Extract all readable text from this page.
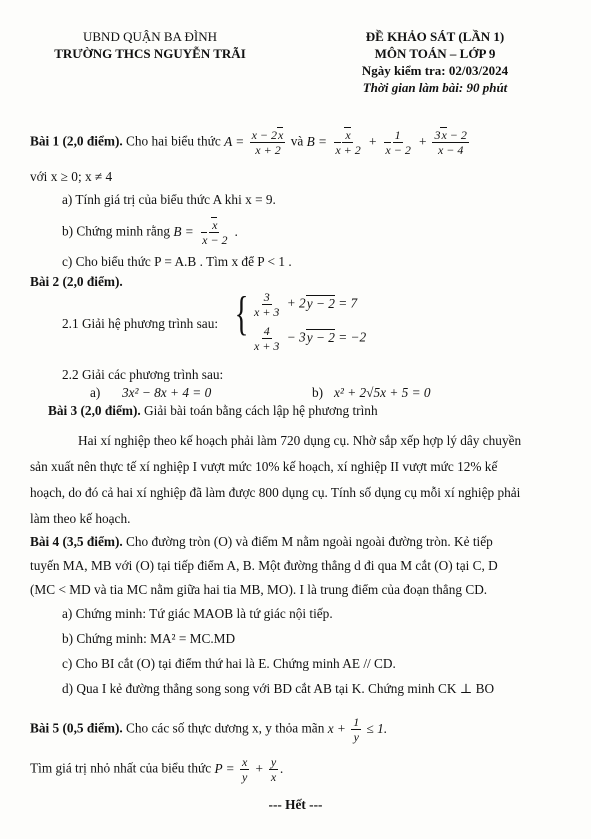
UBND QUẬN BA ĐÌNH
TRƯỜNG THCS NGUYỄN TRÃI
ĐỀ KHẢO SÁT (LẦN 1)
MÔN TOÁN – LỚP 9
Ngày kiểm tra: 02/03/2024
Thời gian làm bài: 90 phút
Bài 1 (2,0 điểm). Cho hai biểu thức $A = \frac{x - 2x}{x + 2}$ và $B = \frac{x}{x + 2} + \frac{1}{x - 2} + \frac{3x - 2}{x - 4}$
với x ≥ 0; x ≠ 4
a) Tính giá trị của biểu thức A khi x = 9.
b) Chứng minh rằng $B = \frac{x}{x - 2}$ .
c) Cho biểu thức P = A.B . Tìm x để P < 1 .
Bài 2 (2,0 điểm).
2.1 Giải hệ phương trình sau: { $\frac{3}{x + 3} + 2y - 2 = 7$
$\frac{4}{x + 3} - 3y - 2 = -2$
2.2 Giải các phương trình sau:
a) 3x² − 8x + 4 = 0	b) x² + 2√5x + 5 = 0
Bài 3 (2,0 điểm). Giải bài toán bằng cách lập hệ phương trình
Hai xí nghiệp theo kế hoạch phải làm 720 dụng cụ. Nhờ sắp xếp hợp lý dây chuyền
sản xuất nên thực tế xí nghiệp I vượt mức 10% kế hoạch, xí nghiệp II vượt mức 12% kế
hoạch, do đó cả hai xí nghiệp đã làm được 800 dụng cụ. Tính số dụng cụ mỗi xí nghiệp phải
làm theo kế hoạch.
Bài 4 (3,5 điểm). Cho đường tròn (O) và điểm M nằm ngoài ngoài đường tròn. Kẻ tiếp
tuyến MA, MB với (O) tại tiếp điểm A, B. Một đường thẳng d đi qua M cắt (O) tại C, D
(MC < MD và tia MC nằm giữa hai tia MB, MO). I là trung điểm của đoạn thẳng CD.
a) Chứng minh: Tứ giác MAOB là tứ giác nội tiếp.
b) Chứng minh: MA² = MC.MD
c) Cho BI cắt (O) tại điểm thứ hai là E. Chứng minh AE // CD.
d) Qua I kẻ đường thẳng song song với BD cắt AB tại K. Chứng minh CK ⊥ BO
Bài 5 (0,5 điểm). Cho các số thực dương x, y thỏa mãn $x + \frac{1}{y} \le 1$.
Tìm giá trị nhỏ nhất của biểu thức $P = \frac{x}{y} + \frac{y}{x}$ .
--- Hết ---
